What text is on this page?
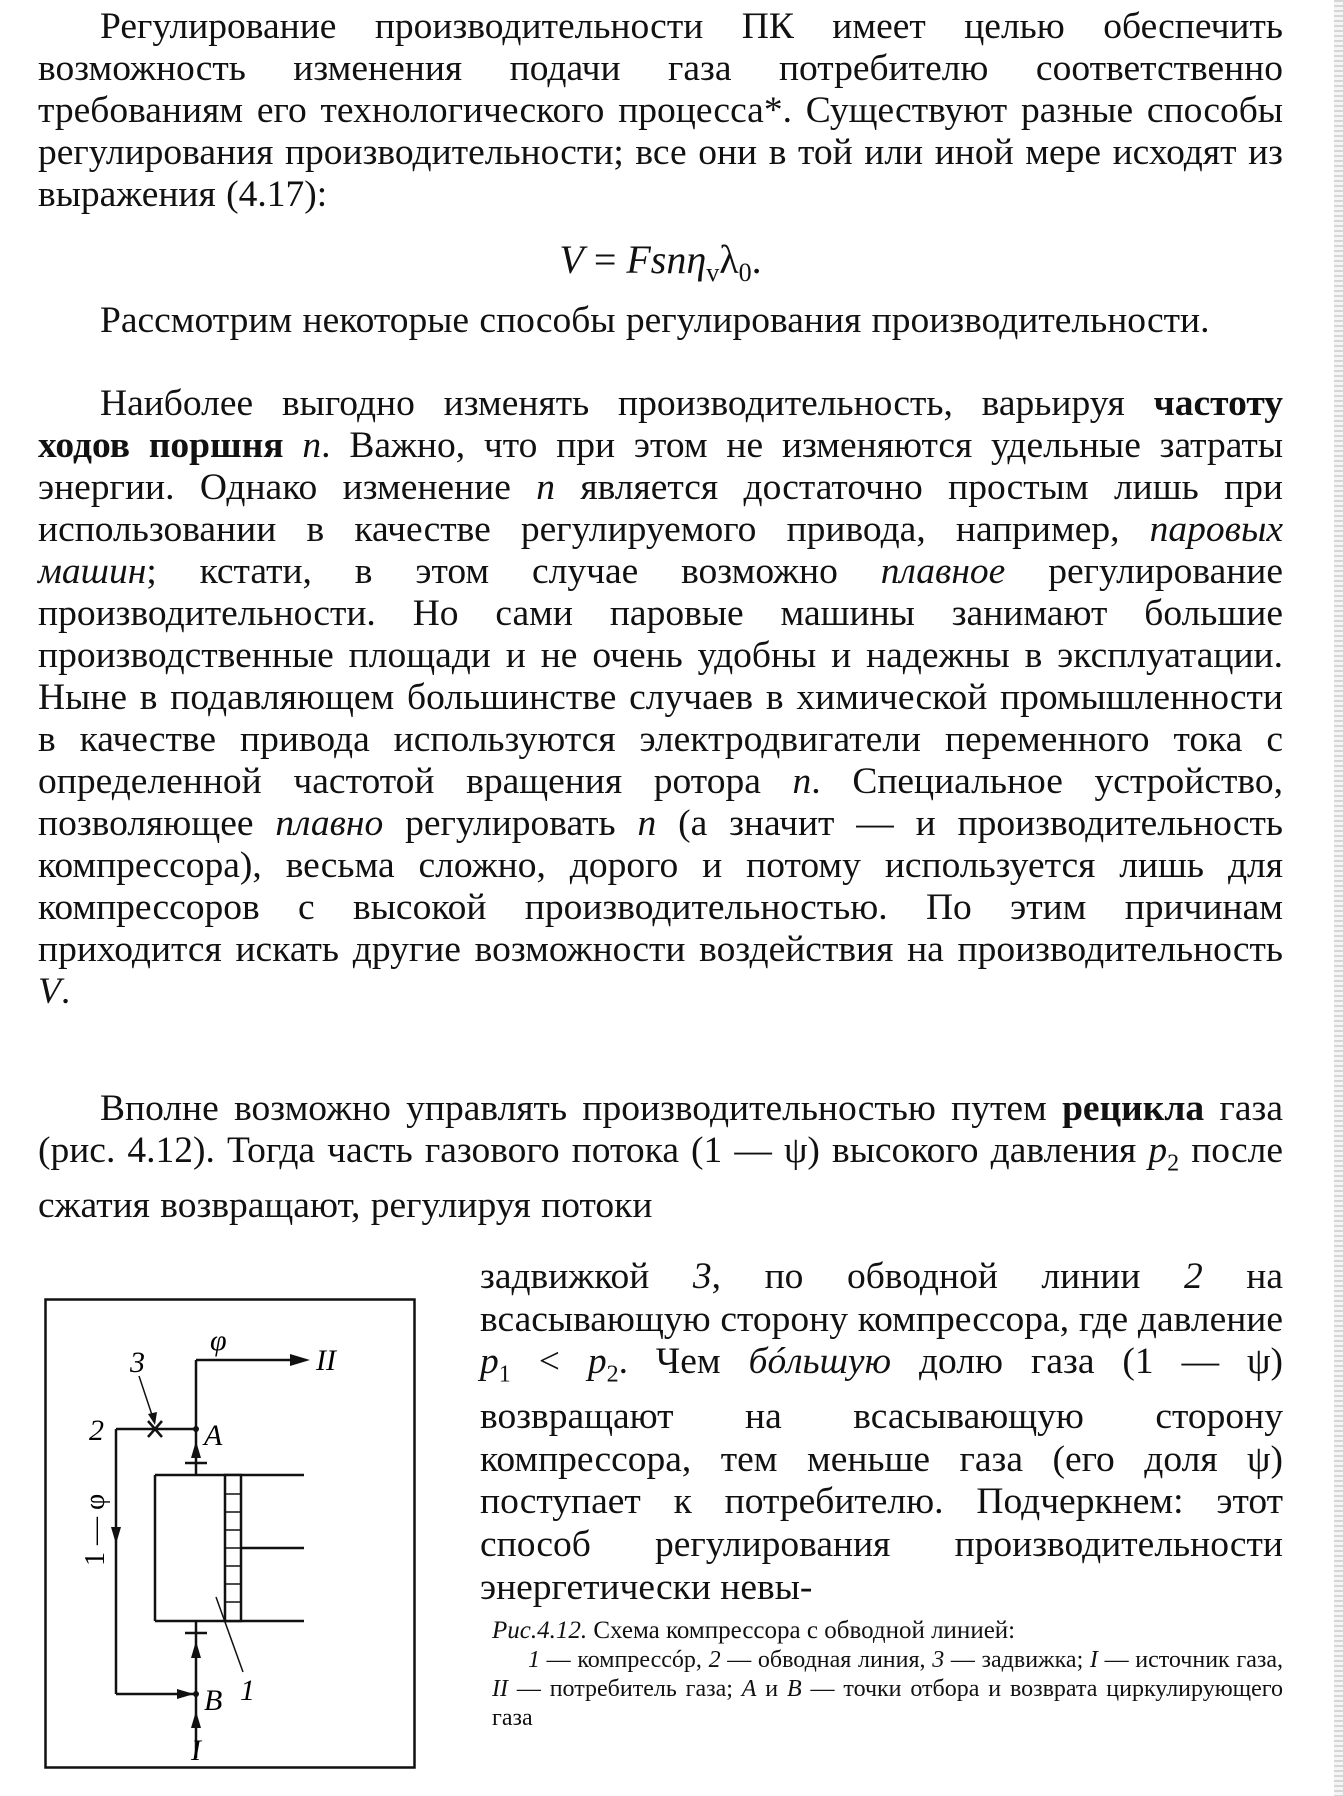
Регулирование производительности ПК имеет целью обеспечить возможность изменения подачи газа потребителю соответственно требованиям его технологического процесса*. Существуют разные способы регулирования производительности; все они в той или иной мере исходят из выражения (4.17):

$V = Fsn\eta_v\lambda_0$.

Рассмотрим некоторые способы регулирования производительности.

Наиболее выгодно изменять производительность, варьируя частоту ходов поршня n. Важно, что при этом не изменяются удельные затраты энергии. Однако изменение n является достаточно простым лишь при использовании в качестве регулируемого привода, например, паровых машин; кстати, в этом случае возможно плавное регулирование производительности. Но сами паровые машины занимают большие производственные площади и не очень удобны и надежны в эксплуатации. Ныне в подавляющем большинстве случаев в химической промышленности в качестве привода используются электродвигатели переменного тока с определенной частотой вращения ротора n. Специальное устройство, позволяющее плавно регулировать n (а значит — и производительность компрессора), весьма сложно, дорого и потому используется лишь для компрессоров с высокой производительностью. По этим причинам приходится искать другие возможности воздействия на производительность V.

Вполне возможно управлять производительностью путем рецикла газа (рис. 4.12). Тогда часть газового потока (1 — ψ) высокого давления $p_2$ после сжатия возвращают, регулируя потоки

задвижкой 3, по обводной линии 2 на всасывающую сторону компрессора, где давление $p_1 < p_2$. Чем бóльшую долю газа (1 — ψ) возвращают на всасывающую сторону компрессора, тем меньше газа (его доля ψ) поступает к потребителю. Подчеркнем: этот способ регулирования производительности энергетически невы-

3
2
φ
II
A
B 1
I
1 — φ
Рис.4.12. Схема компрессора с обводной линией:

1 — компрессóр, 2 — обводная линия, 3 — задвижка; I — источник газа, II — потребитель газа; A и B — точки отбора и возврата циркулирующего газа
